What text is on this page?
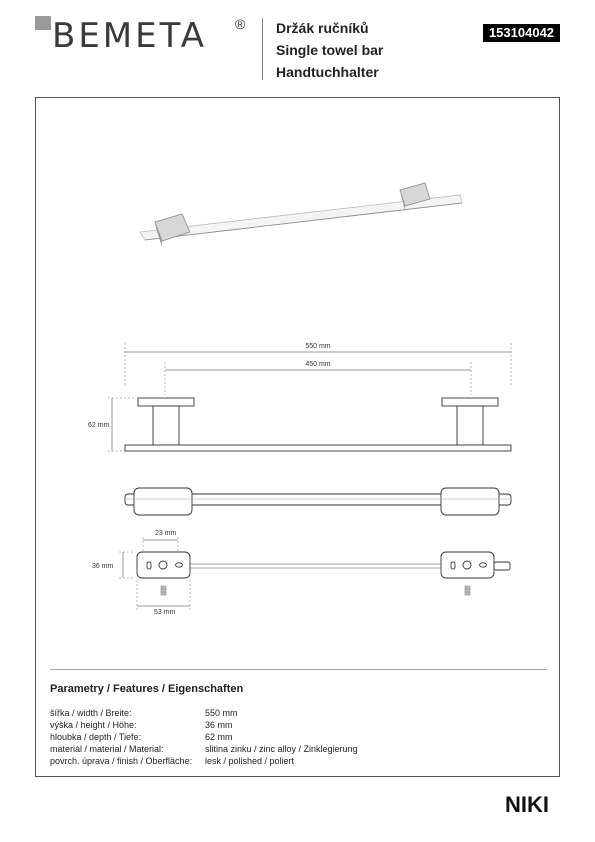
BEMETA ® Držák ručníků
Single towel bar
Handtuchhalter
153104042
550 mm
450 mm
62 mm
23 mm
36 mm
53 mm
Parametry / Features / Eigenschaften
šířka / width / Breite:	550 mm
výška / height / Höhe:	36 mm
hloubka / depth / Tiefe:	62 mm
materiál / material / Material:	slitina zinku / zinc alloy / Zinklegierung
povrch. úprava / finish / Oberfläche: lesk / polished / poliert
NIKI
